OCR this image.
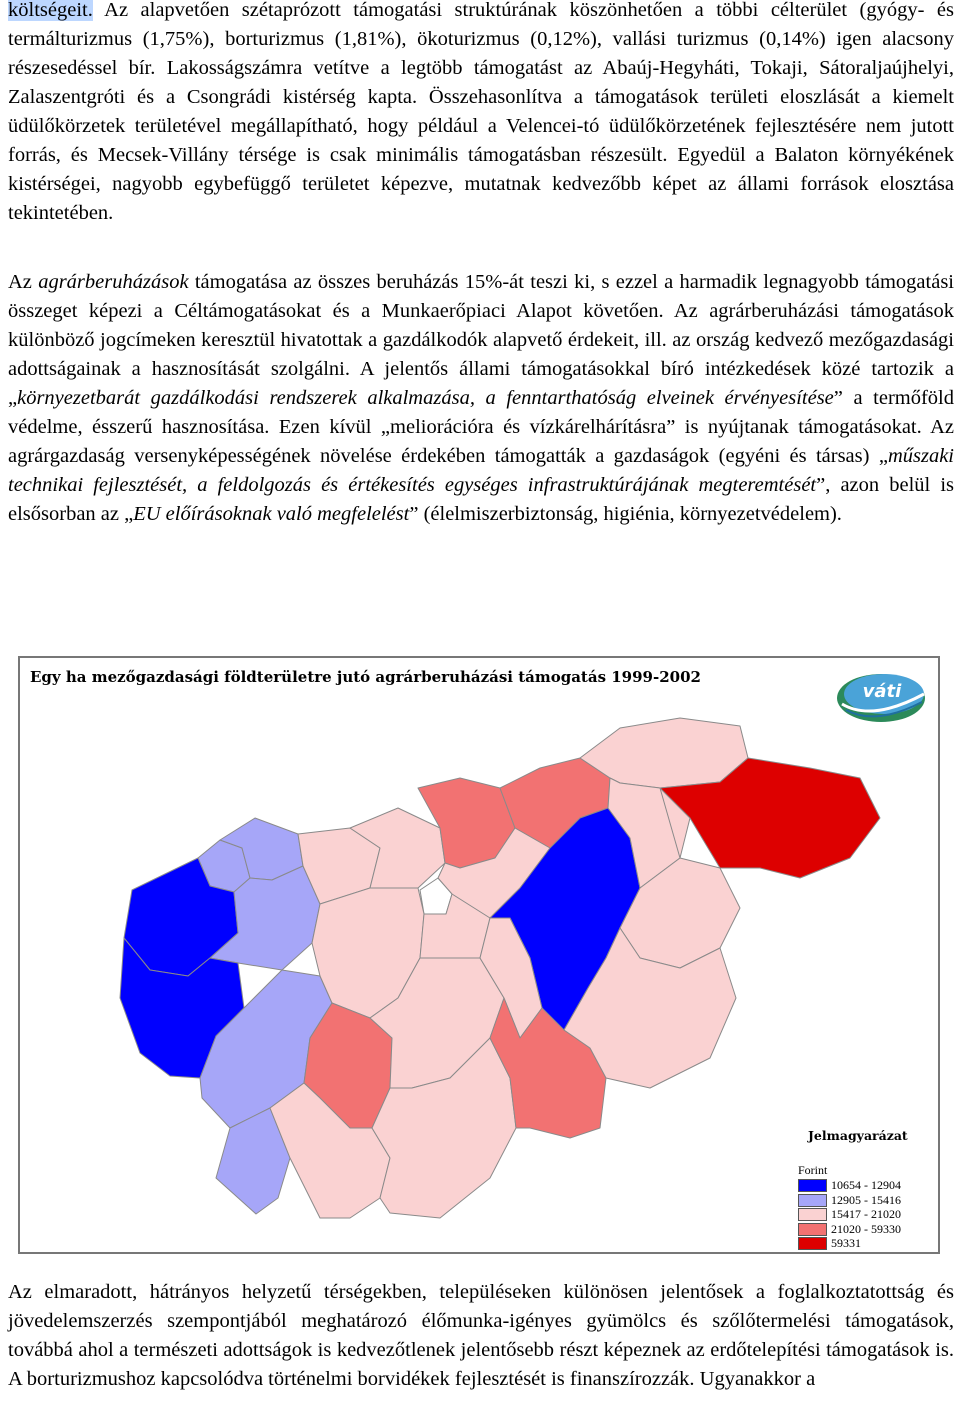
költségeit. Az alapvetően szétaprózott támogatási struktúrának köszönhetően a többi célterület (gyógy- és termálturizmus (1,75%), borturizmus (1,81%), ökoturizmus (0,12%), vallási turizmus (0,14%) igen alacsony részesedéssel bír. Lakosságszámra vetítve a legtöbb támogatást az Abaúj-Hegyháti, Tokaji, Sátoraljaújhelyi, Zalaszentgróti és a Csongrádi kistérség kapta. Összehasonlítva a támogatások területi eloszlását a kiemelt üdülőkörzetek területével megállapítható, hogy például a Velencei-tó üdülőkörzetének fejlesztésére nem jutott forrás, és Mecsek-Villány térsége is csak minimális támogatásban részesült. Egyedül a Balaton környékének kistérségei, nagyobb egybefüggő területet képezve, mutatnak kedvezőbb képet az állami források elosztása tekintetében.

Az agrárberuházások támogatása az összes beruházás 15%-át teszi ki, s ezzel a harmadik legnagyobb támogatási összeget képezi a Céltámogatásokat és a Munkaerőpiaci Alapot követően. Az agrárberuházási támogatások különböző jogcímeken keresztül hivatottak a gazdálkodók alapvető érdekeit, ill. az ország kedvező mezőgazdasági adottságainak a hasznosítását szolgálni. A jelentős állami támogatásokkal bíró intézkedések közé tartozik a „környezetbarát gazdálkodási rendszerek alkalmazása, a fenntarthatóság elveinek érvényesítése” a termőföld védelme, ésszerű hasznosítása. Ezen kívül „meliorációra és vízkárelhárításra” is nyújtanak támogatásokat. Az agrárgazdaság versenyképességének növelése érdekében támogatták a gazdaságok (egyéni és társas) „műszaki technikai fejlesztését, a feldolgozás és értékesítés egységes infrastruktúrájának megteremtését”, azon belül is elsősorban az „EU előírásoknak való megfelelést” (élelmiszerbiztonság, higiénia, környezetvédelem).

Egy ha mezőgazdasági földterületre jutó agrárberuházási támogatás 1999-2002
váti
Jelmagyarázat
Forint
10654 - 12904
12905 - 15416
15417 - 21020
21020 - 59330
59331

Az elmaradott, hátrányos helyzetű térségekben, településeken különösen jelentősek a foglalkoztatottság és jövedelemszerzés szempontjából meghatározó élőmunka-igényes gyümölcs és szőlőtermelési támogatások, továbbá ahol a természeti adottságok is kedvezőtlenek jelentősebb részt képeznek az erdőtelepítési támogatások is. A borturizmushoz kapcsolódva történelmi borvidékek fejlesztését is finanszírozzák. Ugyanakkor a
